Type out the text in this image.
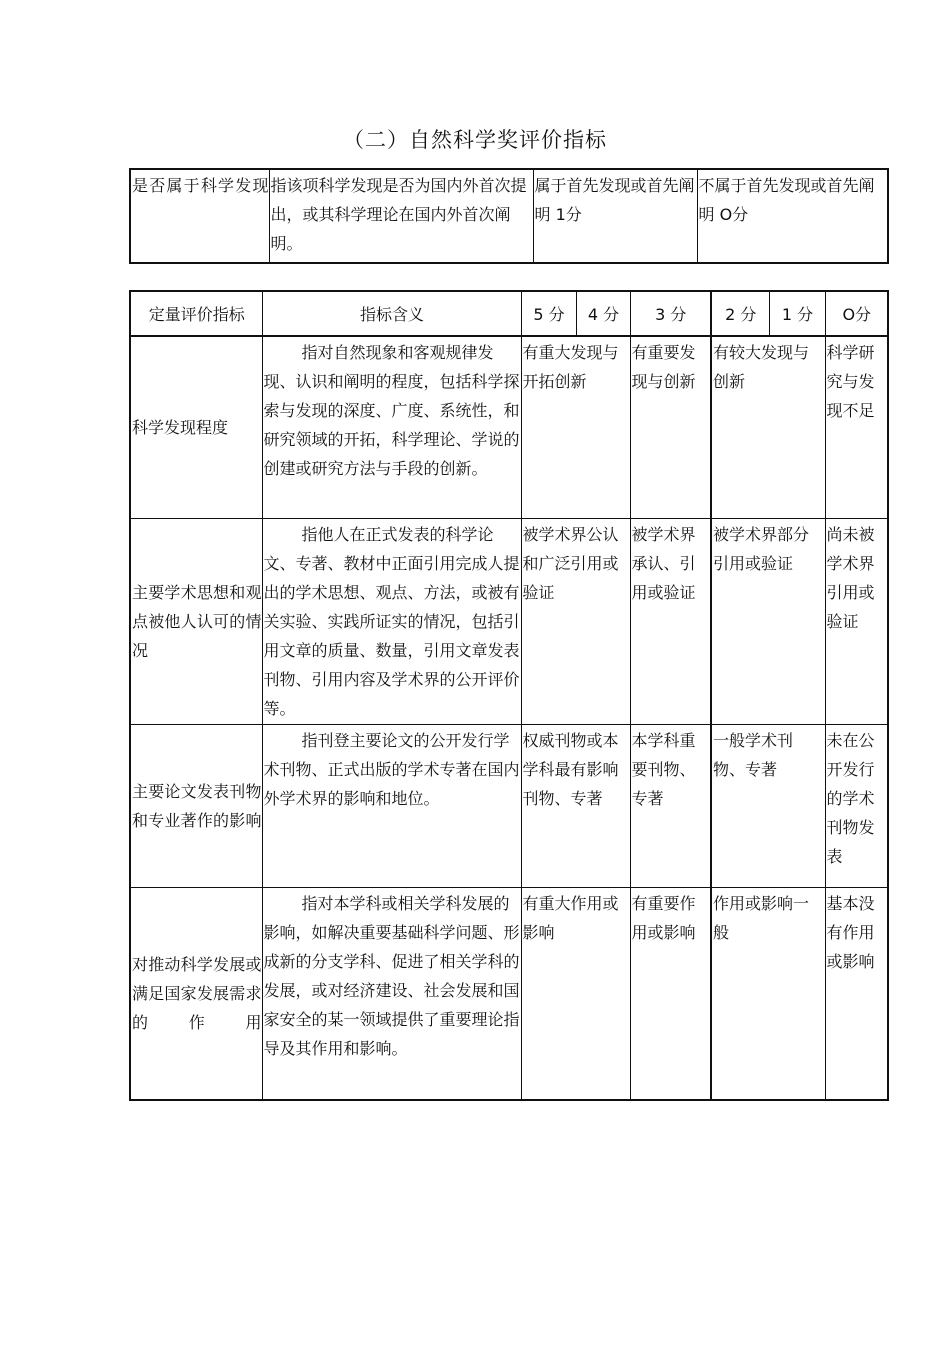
（二）自然科学奖评价指标
是否属于科学发现	指该项科学发现是否为国内外首次提出，或其科学理论在国内外首次阐明。	属于首先发现或首先阐明 1分	不属于首先发现或首先阐明 O分
定量评价指标	指标含义	5 分	4 分	3 分	2 分	1 分	O分
科学发现程度	指对自然现象和客观规律发现、认识和阐明的程度，包括科学探索与发现的深度、广度、系统性，和研究领域的开拓，科学理论、学说的创建或研究方法与手段的创新。	有重大发现与开拓创新		有重要发现与创新	有较大发现与创新		科学研究与发现不足
主要学术思想和观点被他人认可的情况	指他人在正式发表的科学论文、专著、教材中正面引用完成人提出的学术思想、观点、方法，或被有关实验、实践所证实的情况，包括引用文章的质量、数量，引用文章发表刊物、引用内容及学术界的公开评价等。	被学术界公认和广泛引用或验证		被学术界承认、引用或验证	被学术界部分引用或验证		尚未被学术界引用或验证
主要论文发表刊物和专业著作的影响	指刊登主要论文的公开发行学术刊物、正式出版的学术专著在国内外学术界的影响和地位。	权威刊物或本学科最有影响刊物、专著		本学科重要刊物、专著	一般学术刊物、专著		未在公开发行的学术刊物发表
对推动科学发展或满足国家发展需求的作用	指对本学科或相关学科发展的影响，如解决重要基础科学问题、形成新的分支学科、促进了相关学科的发展，或对经济建设、社会发展和国家安全的某一领域提供了重要理论指导及其作用和影响。	有重大作用或影响		有重要作用或影响	作用或影响一般		基本没有作用或影响
